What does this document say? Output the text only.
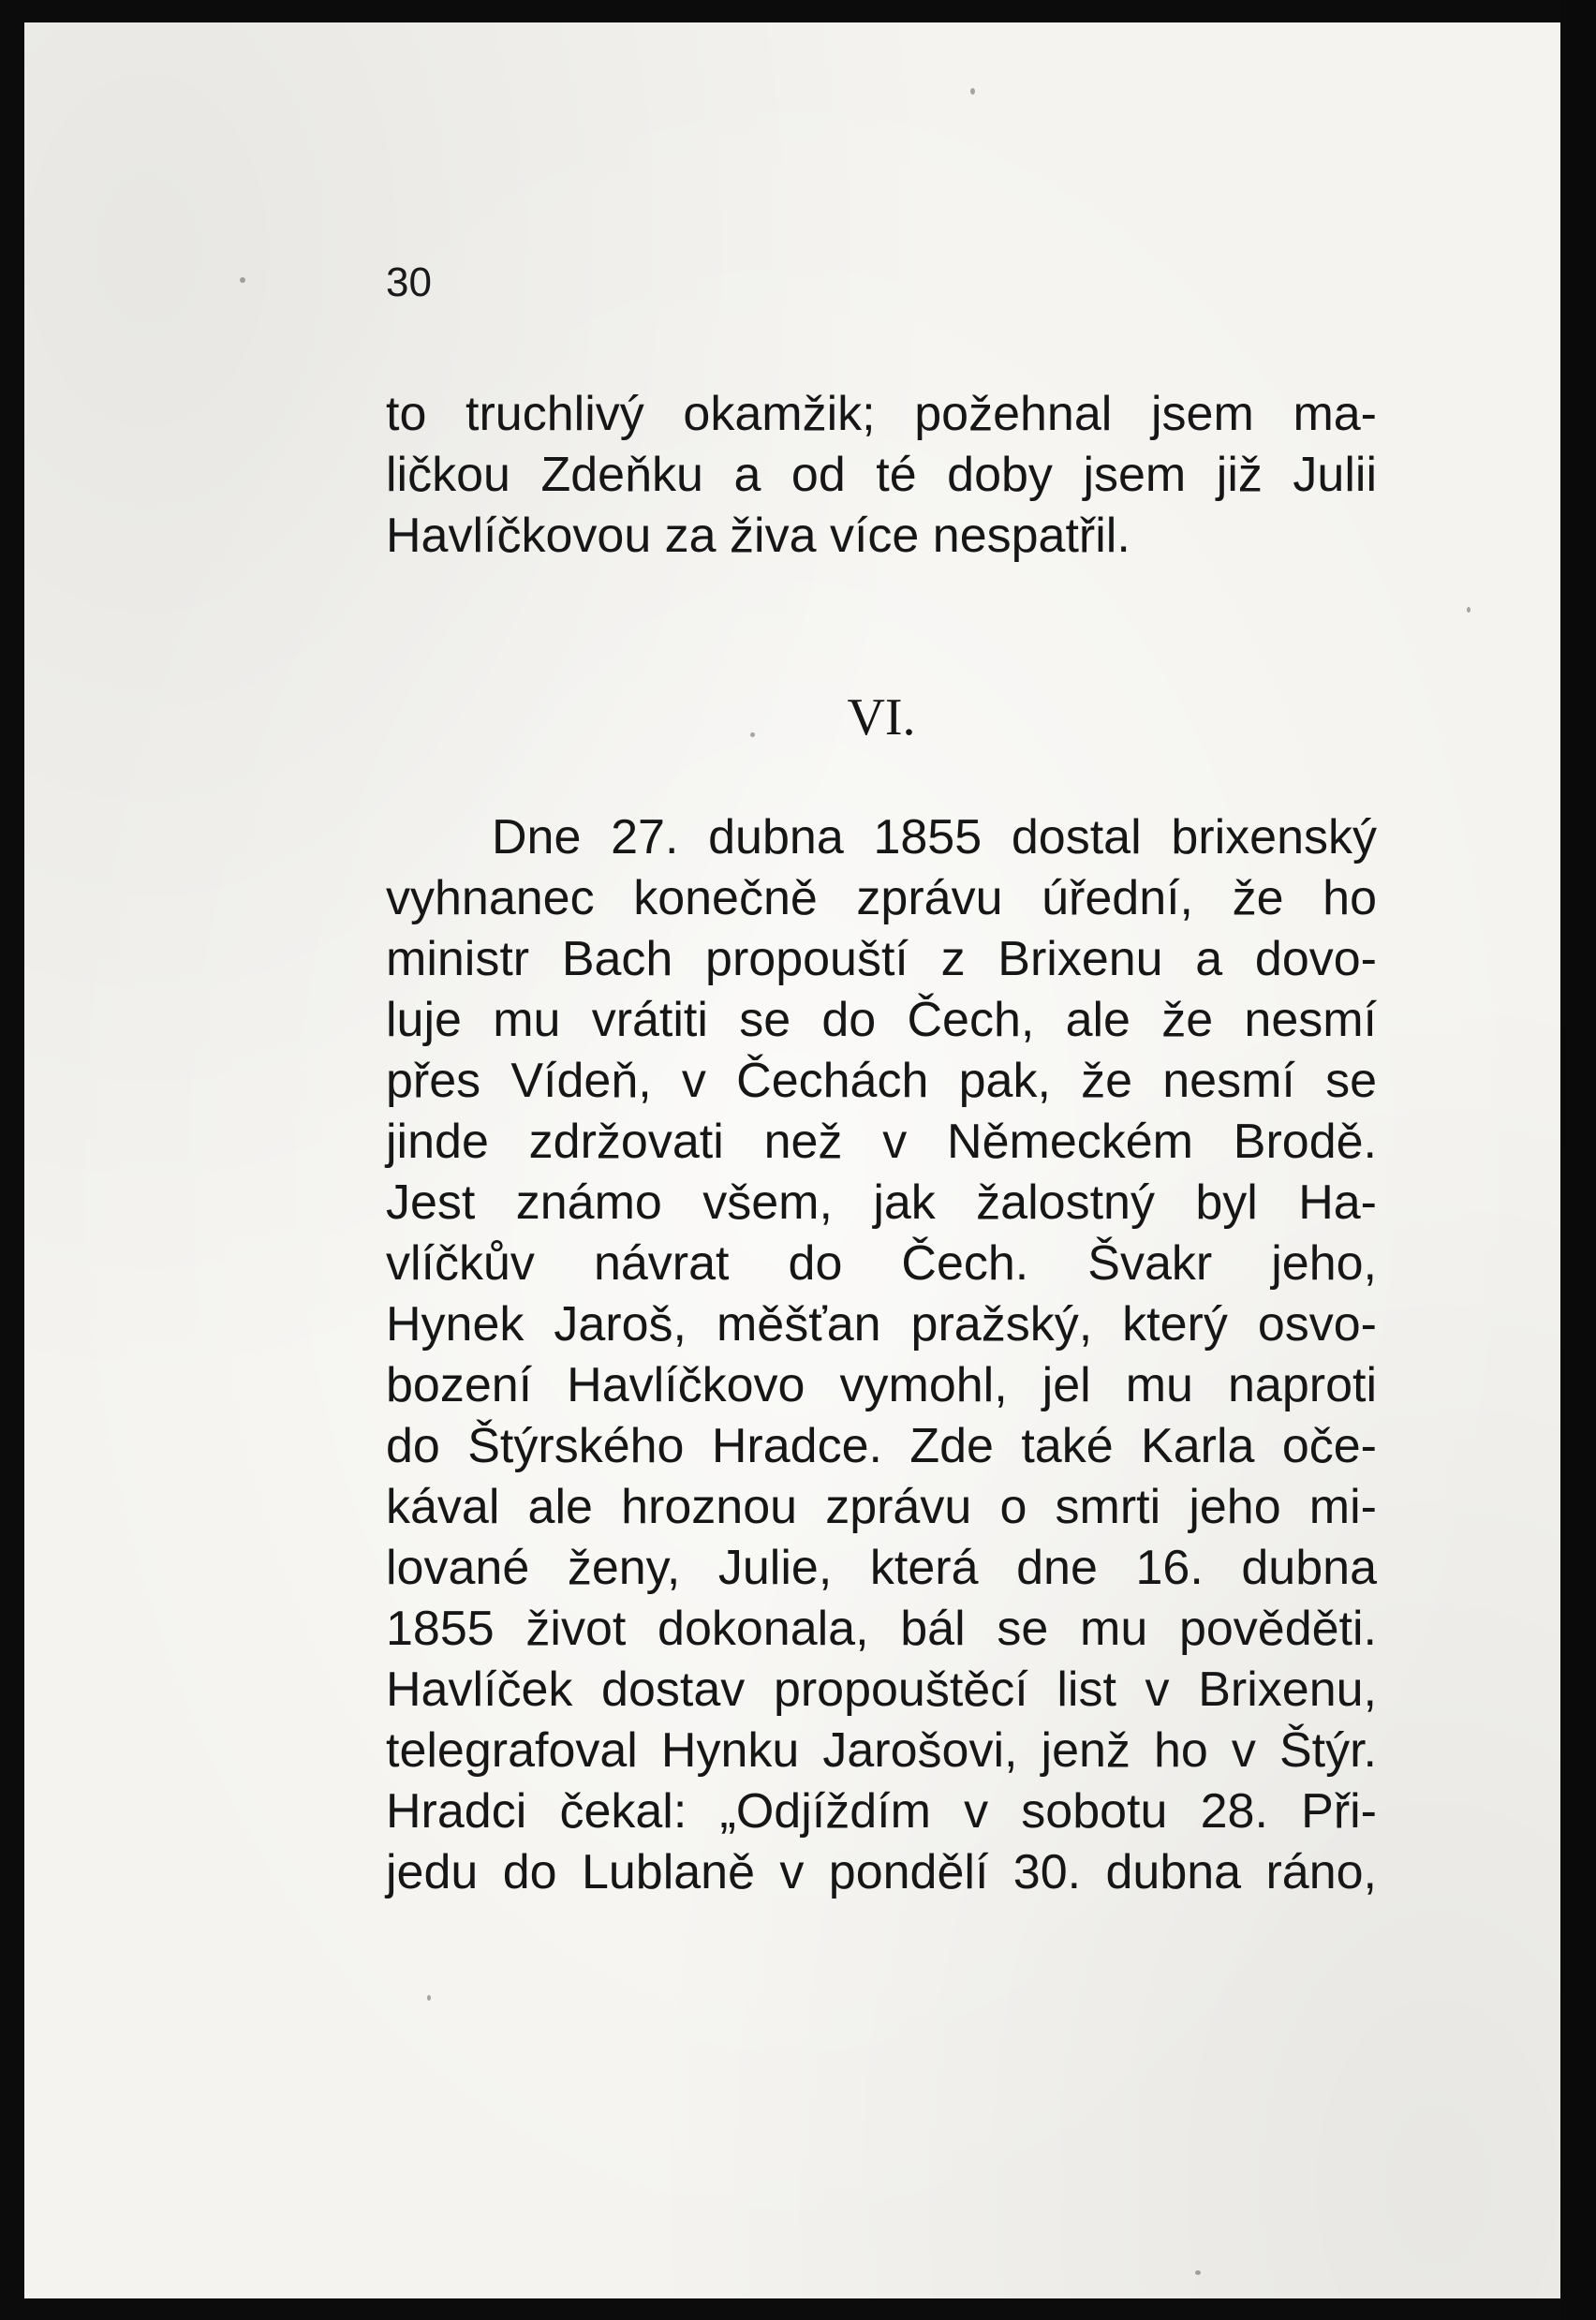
30
to truchlivý okamžik; požehnal jsem ma-
ličkou Zdeňku a od té doby jsem již Julii
Havlíčkovou za živa více nespatřil.
VI.
Dne 27. dubna 1855 dostal brixenský
vyhnanec konečně zprávu úřední, že ho
ministr Bach propouští z Brixenu a dovo-
luje mu vrátiti se do Čech, ale že nesmí
přes Vídeň, v Čechách pak, že nesmí se
jinde zdržovati než v Německém Brodě.
Jest známo všem, jak žalostný byl Ha-
vlíčkův návrat do Čech. Švakr jeho,
Hynek Jaroš, měšťan pražský, který osvo-
bození Havlíčkovo vymohl, jel mu naproti
do Štýrského Hradce. Zde také Karla oče-
kával ale hroznou zprávu o smrti jeho mi-
lované ženy, Julie, která dne 16. dubna
1855 život dokonala, bál se mu pověděti.
Havlíček dostav propouštěcí list v Brixenu,
telegrafoval Hynku Jarošovi, jenž ho v Štýr.
Hradci čekal: „Odjíždím v sobotu 28. Při-
jedu do Lublaně v pondělí 30. dubna ráno,
